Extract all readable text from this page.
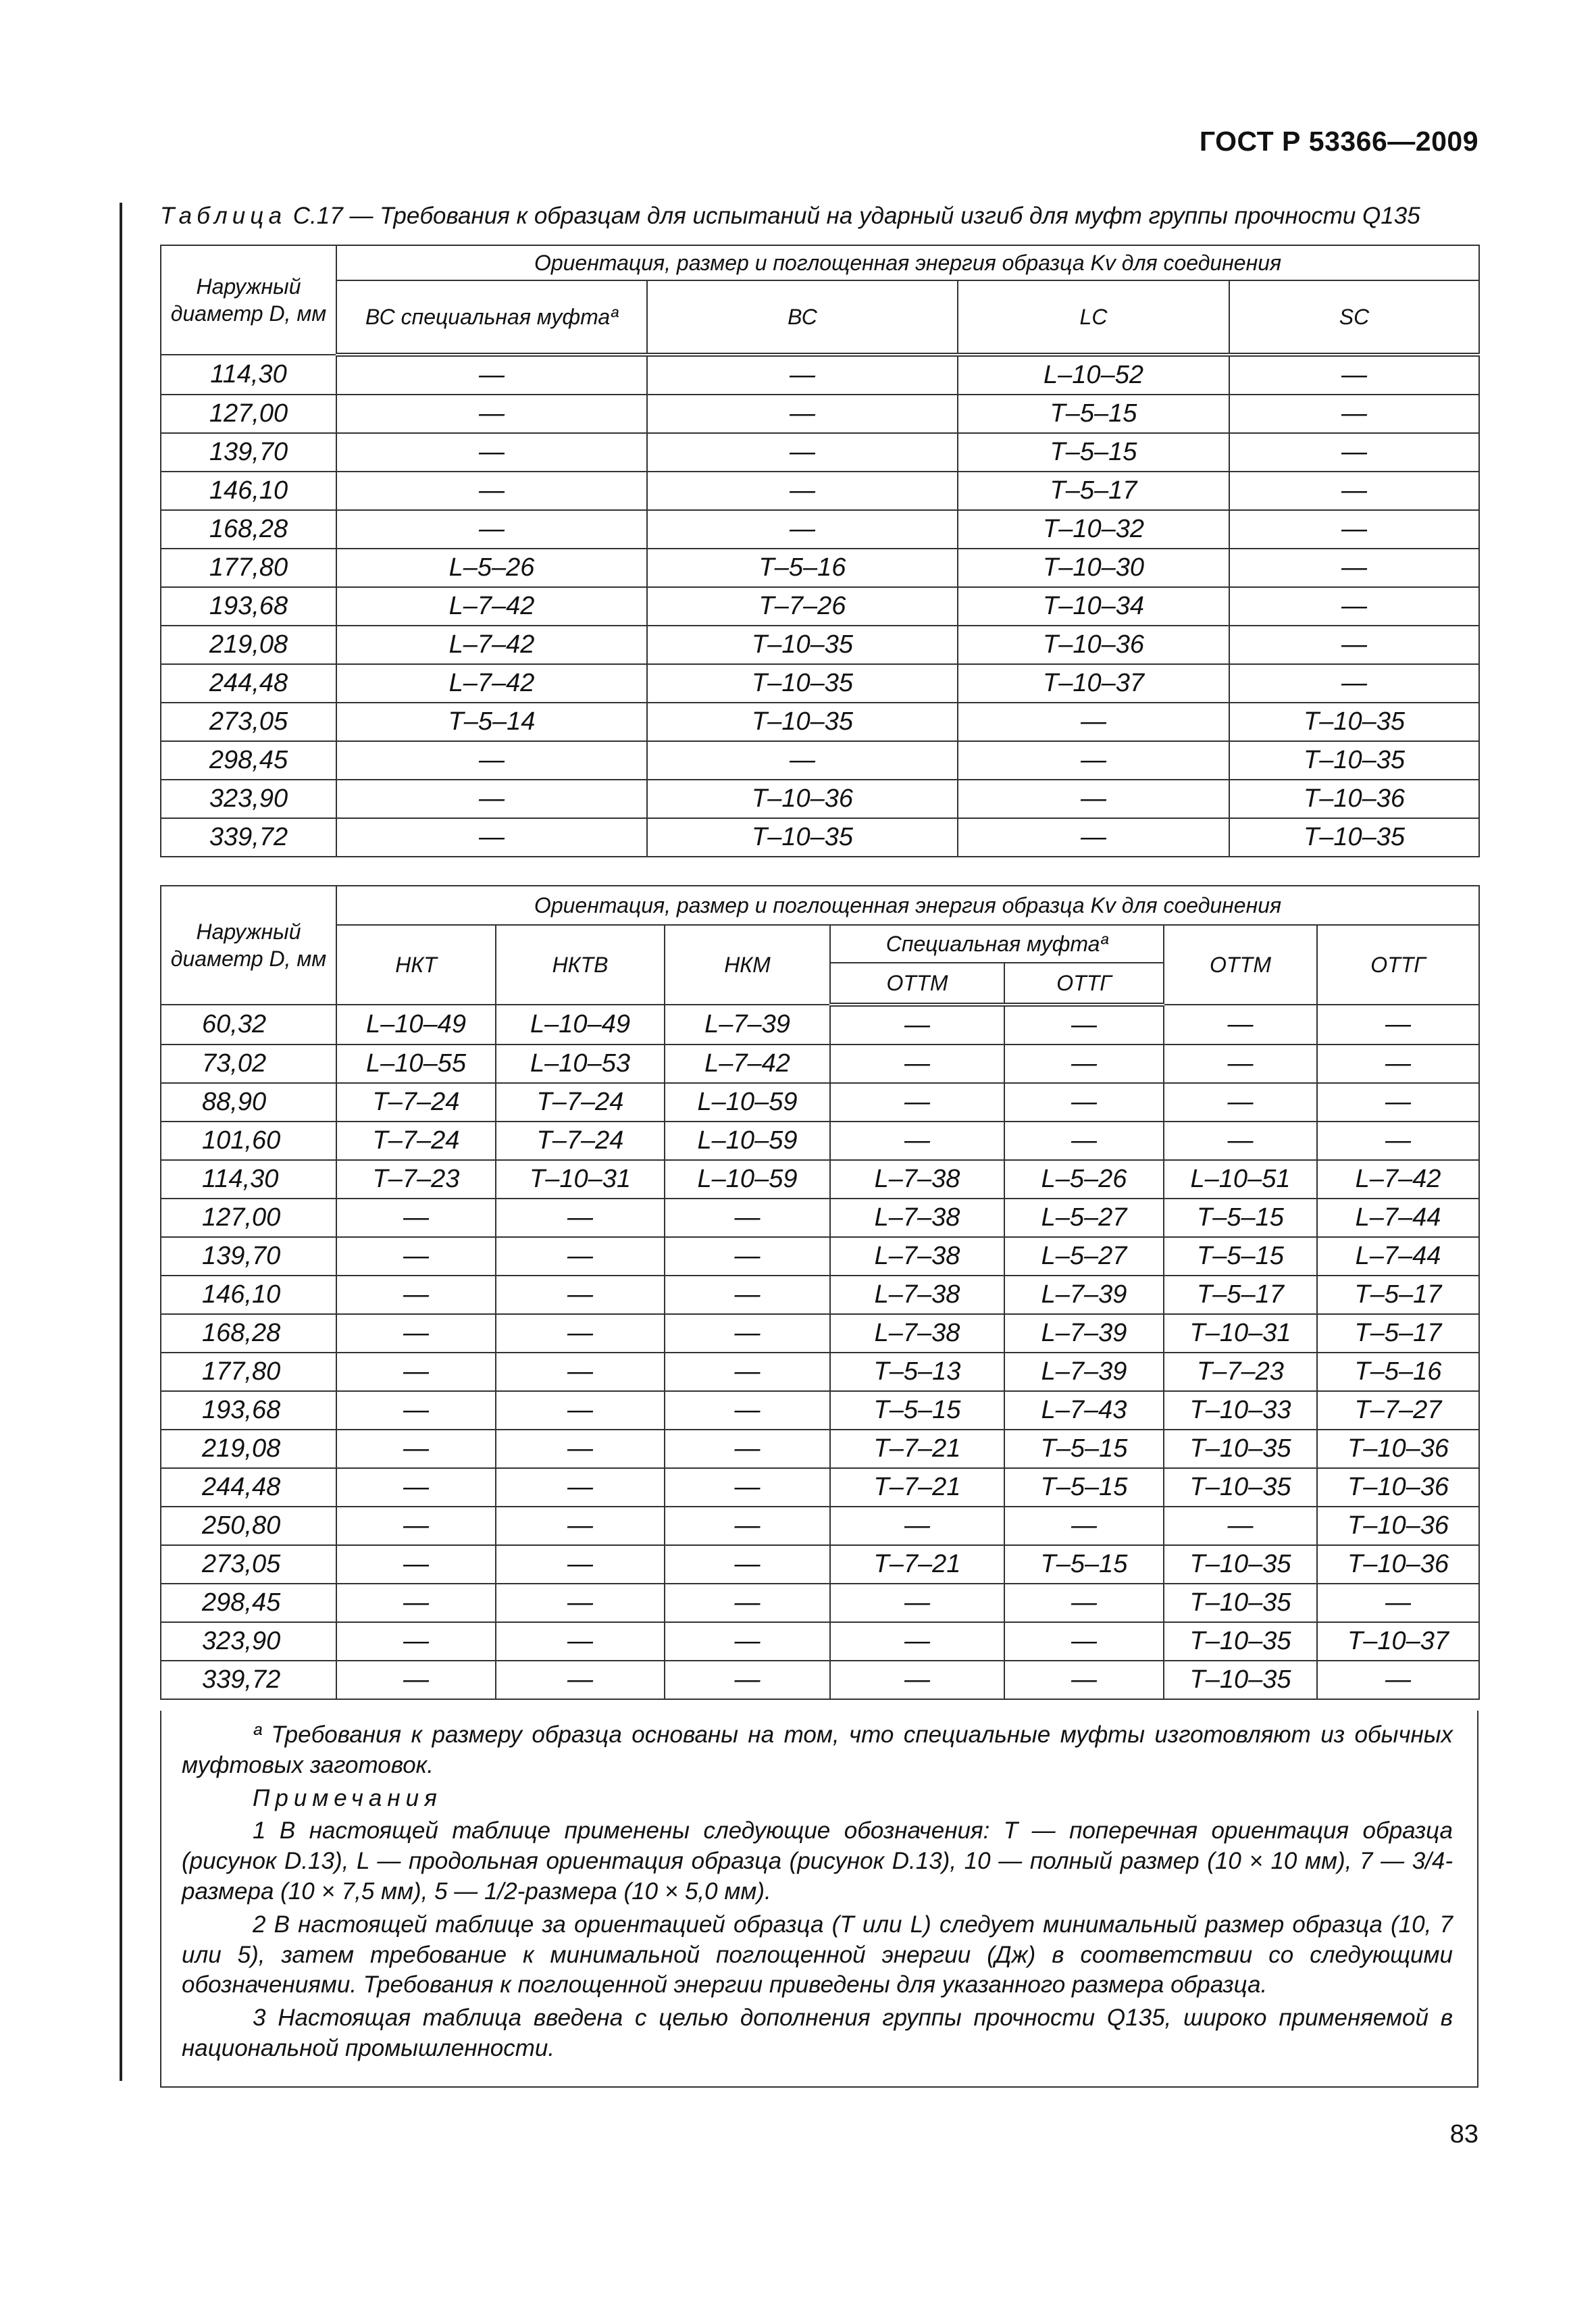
ГОСТ Р 53366—2009
Таблица С.17 — Требования к образцам для испытаний на ударный изгиб для муфт группы прочности Q135
Наружный диаметр D, мм	Ориентация, размер и поглощенная энергия образца Kv для соединения			
	ВС специальная муфтаª	ВС	LC	SC
114,30	—	—	L–10–52	—
127,00	—	—	T–5–15	—
139,70	—	—	T–5–15	—
146,10	—	—	T–5–17	—
168,28	—	—	T–10–32	—
177,80	L–5–26	T–5–16	T–10–30	—
193,68	L–7–42	T–7–26	T–10–34	—
219,08	L–7–42	T–10–35	T–10–36	—
244,48	L–7–42	T–10–35	T–10–37	—
273,05	T–5–14	T–10–35	—	T–10–35
298,45	—	—	—	T–10–35
323,90	—	T–10–36	—	T–10–36
339,72	—	T–10–35	—	T–10–35
Наружный диаметр D, мм	Ориентация, размер и поглощенная энергия образца Kv для соединения						
	НКТ	НКТВ	НКМ	Специальная муфтаª		ОТТМ	ОТТГ
				ОТТМ	ОТТГ		
60,32	L–10–49	L–10–49	L–7–39	—	—	—	—
73,02	L–10–55	L–10–53	L–7–42	—	—	—	—
88,90	T–7–24	T–7–24	L–10–59	—	—	—	—
101,60	T–7–24	T–7–24	L–10–59	—	—	—	—
114,30	T–7–23	T–10–31	L–10–59	L–7–38	L–5–26	L–10–51	L–7–42
127,00	—	—	—	L–7–38	L–5–27	T–5–15	L–7–44
139,70	—	—	—	L–7–38	L–5–27	T–5–15	L–7–44
146,10	—	—	—	L–7–38	L–7–39	T–5–17	T–5–17
168,28	—	—	—	L–7–38	L–7–39	T–10–31	T–5–17
177,80	—	—	—	T–5–13	L–7–39	T–7–23	T–5–16
193,68	—	—	—	T–5–15	L–7–43	T–10–33	T–7–27
219,08	—	—	—	T–7–21	T–5–15	T–10–35	T–10–36
244,48	—	—	—	T–7–21	T–5–15	T–10–35	T–10–36
250,80	—	—	—	—	—	—	T–10–36
273,05	—	—	—	T–7–21	T–5–15	T–10–35	T–10–36
298,45	—	—	—	—	—	T–10–35	—
323,90	—	—	—	—	—	T–10–35	T–10–37
339,72	—	—	—	—	—	T–10–35	—

ª Требования к размеру образца основаны на том, что специальные муфты изготовляют из обычных муфтовых заготовок.

Примечания

1 В настоящей таблице применены следующие обозначения: Т — поперечная ориентация образца (рисунок D.13), L — продольная ориентация образца (рисунок D.13), 10 — полный размер (10 × 10 мм), 7 — 3/4-размера (10 × 7,5 мм), 5 — 1/2-размера (10 × 5,0 мм).

2 В настоящей таблице за ориентацией образца (Т или L) следует минимальный размер образца (10, 7 или 5), затем требование к минимальной поглощенной энергии (Дж) в соответствии со следующими обозначениями. Требования к поглощенной энергии приведены для указанного размера образца.

3 Настоящая таблица введена с целью дополнения группы прочности Q135, широко применяемой в национальной промышленности.

83
